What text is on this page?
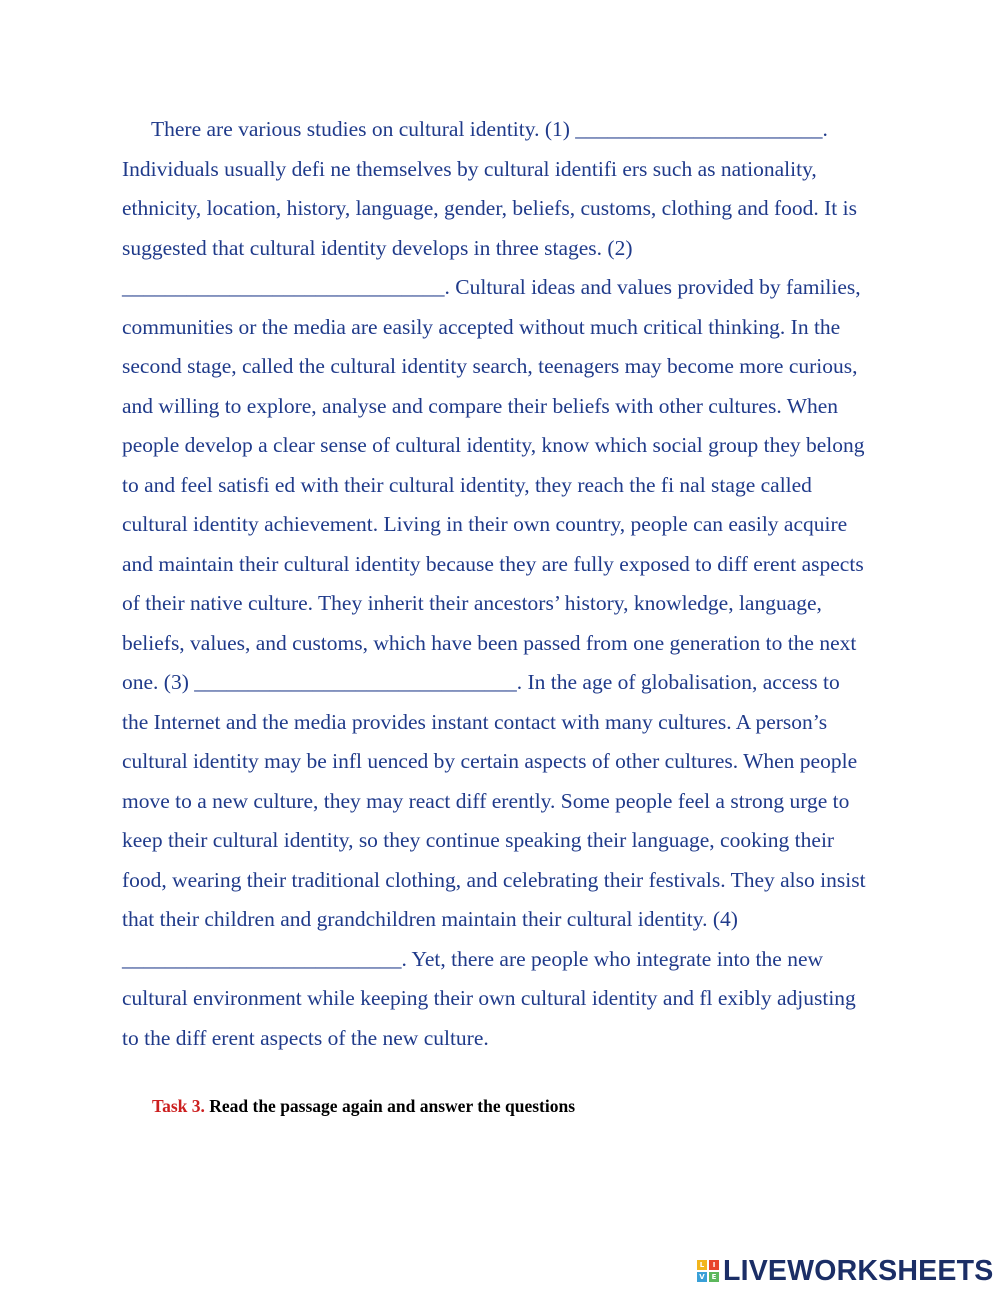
There are various studies on cultural identity. (1) _______________________.
Individuals usually defi ne themselves by cultural identifi ers such as nationality,
ethnicity, location, history, language, gender, beliefs, customs, clothing and food. It is
suggested that cultural identity develops in three stages. (2)
______________________________. Cultural ideas and values provided by families,
communities or the media are easily accepted without much critical thinking. In the
second stage, called the cultural identity search, teenagers may become more curious,
and willing to explore, analyse and compare their beliefs with other cultures. When
people develop a clear sense of cultural identity, know which social group they belong
to and feel satisfi ed with their cultural identity, they reach the fi nal stage called
cultural identity achievement. Living in their own country, people can easily acquire
and maintain their cultural identity because they are fully exposed to diff erent aspects
of their native culture. They inherit their ancestors’ history, knowledge, language,
beliefs, values, and customs, which have been passed from one generation to the next
one. (3) ______________________________. In the age of globalisation, access to
the Internet and the media provides instant contact with many cultures. A person’s
cultural identity may be infl uenced by certain aspects of other cultures. When people
move to a new culture, they may react diff erently. Some people feel a strong urge to
keep their cultural identity, so they continue speaking their language, cooking their
food, wearing their traditional clothing, and celebrating their festivals. They also insist
that their children and grandchildren maintain their cultural identity. (4)
__________________________. Yet, there are people who integrate into the new
cultural environment while keeping their own cultural identity and fl exibly adjusting
to the diff erent aspects of the new culture.
Task 3. Read the passage again and answer the questions
L	I
V E LIVEWORKSHEETS
